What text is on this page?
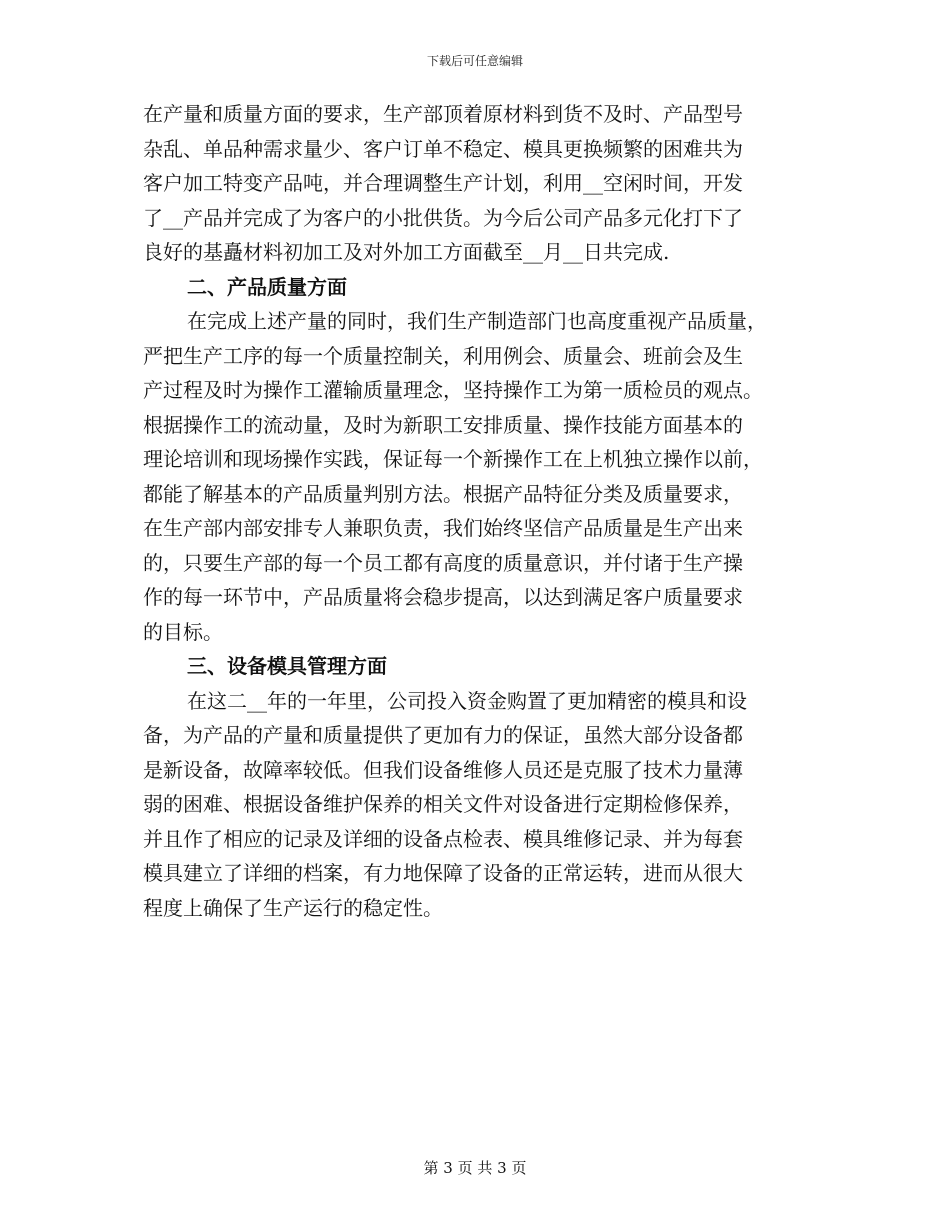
下载后可任意编辑
在产量和质量方面的要求，生产部顶着原材料到货不及时、产品型号
杂乱、单品种需求量少、客户订单不稳定、模具更换频繁的困难共为
客户加工特变产品吨，并合理调整生产计划，利用__空闲时间，开发
了__产品并完成了为客户的小批供货。为今后公司产品多元化打下了
良好的基矗材料初加工及对外加工方面截至__月__日共完成.
二、产品质量方面
在完成上述产量的同时，我们生产制造部门也高度重视产品质量，
严把生产工序的每一个质量控制关，利用例会、质量会、班前会及生
产过程及时为操作工灌输质量理念，坚持操作工为第一质检员的观点。
根据操作工的流动量，及时为新职工安排质量、操作技能方面基本的
理论培训和现场操作实践，保证每一个新操作工在上机独立操作以前，
都能了解基本的产品质量判别方法。根据产品特征分类及质量要求，
在生产部内部安排专人兼职负责，我们始终坚信产品质量是生产出来
的，只要生产部的每一个员工都有高度的质量意识，并付诸于生产操
作的每一环节中，产品质量将会稳步提高，以达到满足客户质量要求
的目标。
三、设备模具管理方面
在这二__年的一年里，公司投入资金购置了更加精密的模具和设
备，为产品的产量和质量提供了更加有力的保证，虽然大部分设备都
是新设备，故障率较低。但我们设备维修人员还是克服了技术力量薄
弱的困难、根据设备维护保养的相关文件对设备进行定期检修保养，
并且作了相应的记录及详细的设备点检表、模具维修记录、并为每套
模具建立了详细的档案，有力地保障了设备的正常运转，进而从很大
程度上确保了生产运行的稳定性。
第 3 页 共 3 页
